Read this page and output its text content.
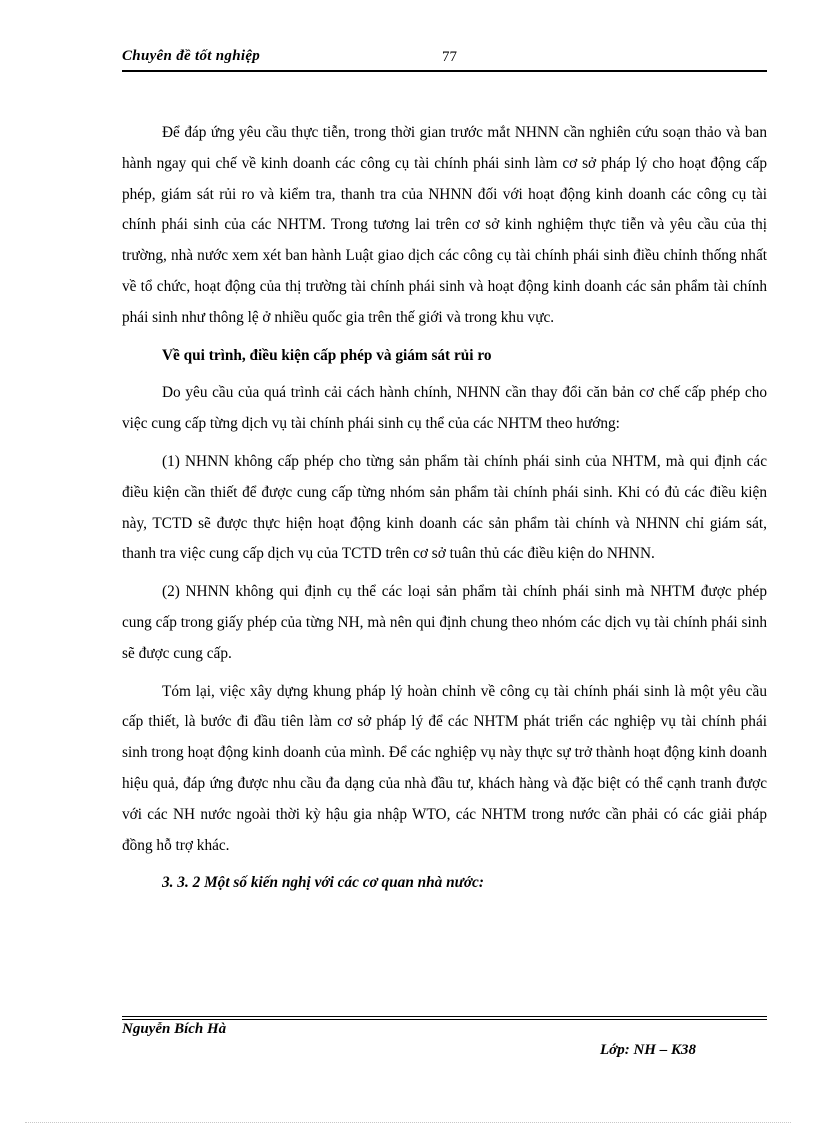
Chuyên đề tốt nghiệp	77

Để đáp ứng yêu cầu thực tiễn, trong thời gian trước mắt NHNN cần nghiên cứu soạn thảo và ban hành ngay qui chế về kinh doanh các công cụ tài chính phái sinh làm cơ sở pháp lý cho hoạt động cấp phép, giám sát rủi ro và kiểm tra, thanh tra của NHNN đối với hoạt động kinh doanh các công cụ tài chính phái sinh của các NHTM. Trong tương lai trên cơ sở kinh nghiệm thực tiễn và yêu cầu của thị trường, nhà nước xem xét ban hành Luật giao dịch các công cụ tài chính phái sinh điều chỉnh thống nhất về tổ chức, hoạt động của thị trường tài chính phái sinh và hoạt động kinh doanh các sản phẩm tài chính phái sinh như thông lệ ở nhiều quốc gia trên thế giới và trong khu vực.

Về qui trình, điều kiện cấp phép và giám sát rủi ro

Do yêu cầu của quá trình cải cách hành chính, NHNN cần thay đổi căn bản cơ chế cấp phép cho việc cung cấp từng dịch vụ tài chính phái sinh cụ thể của các NHTM theo hướng:

(1) NHNN không cấp phép cho từng sản phẩm tài chính phái sinh của NHTM, mà qui định các điều kiện cần thiết để được cung cấp từng nhóm sản phẩm tài chính phái sinh. Khi có đủ các điều kiện này, TCTD sẽ được thực hiện hoạt động kinh doanh các sản phẩm tài chính và NHNN chỉ giám sát, thanh tra việc cung cấp dịch vụ của TCTD trên cơ sở tuân thủ các điều kiện do NHNN.

(2) NHNN không qui định cụ thể các loại sản phẩm tài chính phái sinh mà NHTM được phép cung cấp trong giấy phép của từng NH, mà nên qui định chung theo nhóm các dịch vụ tài chính phái sinh sẽ được cung cấp.

Tóm lại, việc xây dựng khung pháp lý hoàn chỉnh về công cụ tài chính phái sinh là một yêu cầu cấp thiết, là bước đi đầu tiên làm cơ sở pháp lý để các NHTM phát triển các nghiệp vụ tài chính phái sinh trong hoạt động kinh doanh của mình. Để các nghiệp vụ này thực sự trở thành hoạt động kinh doanh hiệu quả, đáp ứng được nhu cầu đa dạng của nhà đầu tư, khách hàng và đặc biệt có thể cạnh tranh được với các NH nước ngoài thời kỳ hậu gia nhập WTO, các NHTM trong nước cần phải có các giải pháp đồng hỗ trợ khác.

3. 3. 2 Một số kiến nghị với các cơ quan nhà nước:

Nguyễn Bích Hà
Lớp: NH – K38
